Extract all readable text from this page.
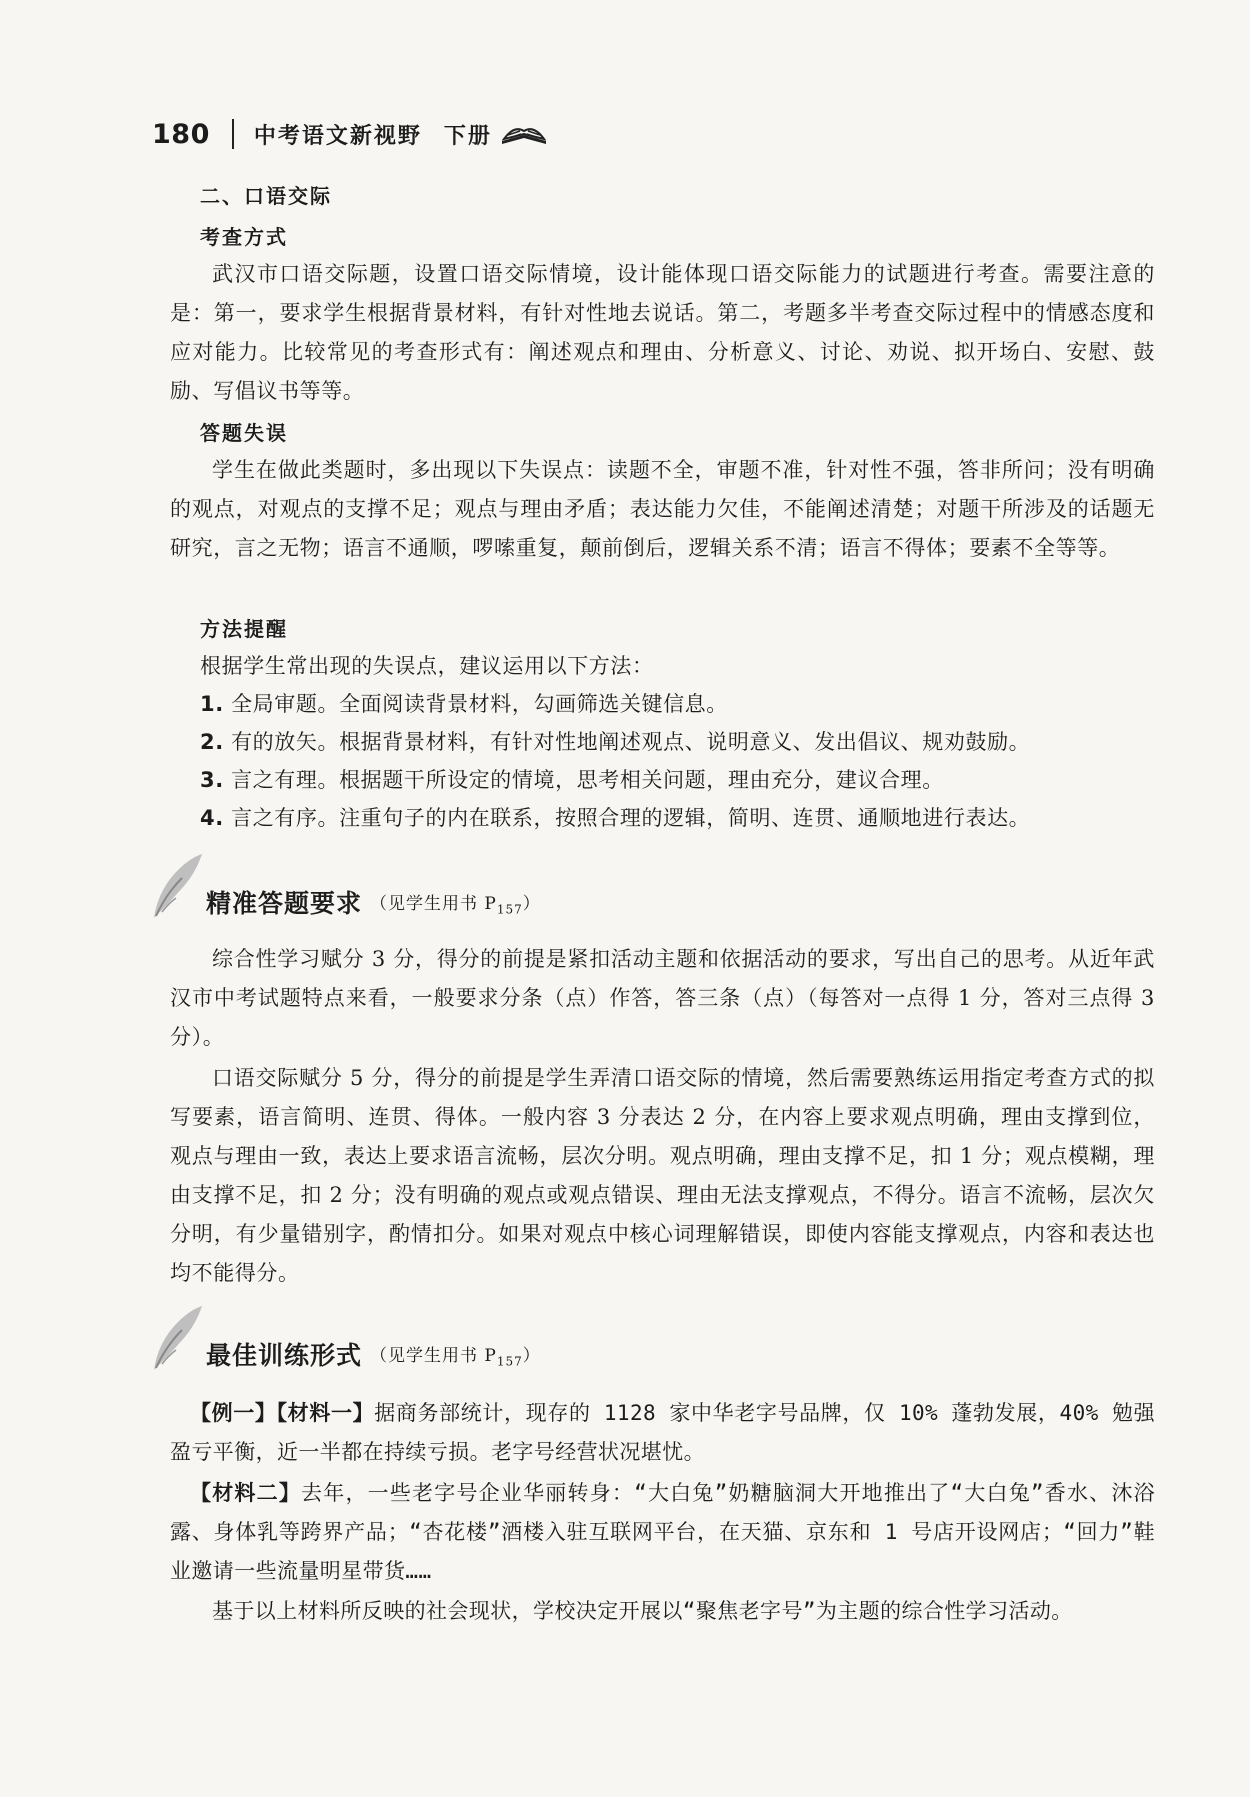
180 中考语文新视野 下册
二、口语交际
考查方式

武汉市口语交际题，设置口语交际情境，设计能体现口语交际能力的试题进行考查。需要注意的是：第一，要求学生根据背景材料，有针对性地去说话。第二，考题多半考查交际过程中的情感态度和应对能力。比较常见的考查形式有：阐述观点和理由、分析意义、讨论、劝说、拟开场白、安慰、鼓励、写倡议书等等。

答题失误

学生在做此类题时，多出现以下失误点：读题不全，审题不准，针对性不强，答非所问；没有明确的观点，对观点的支撑不足；观点与理由矛盾；表达能力欠佳，不能阐述清楚；对题干所涉及的话题无研究，言之无物；语言不通顺，啰嗦重复，颠前倒后，逻辑关系不清；语言不得体；要素不全等等。

方法提醒

根据学生常出现的失误点，建议运用以下方法：

1. 全局审题。全面阅读背景材料，勾画筛选关键信息。

2. 有的放矢。根据背景材料，有针对性地阐述观点、说明意义、发出倡议、规劝鼓励。

3. 言之有理。根据题干所设定的情境，思考相关问题，理由充分，建议合理。

4. 言之有序。注重句子的内在联系，按照合理的逻辑，简明、连贯、通顺地进行表达。

精准答题要求 （见学生用书 $P_{157}$）

综合性学习赋分 3 分，得分的前提是紧扣活动主题和依据活动的要求，写出自己的思考。从近年武汉市中考试题特点来看，一般要求分条（点）作答，答三条（点）（每答对一点得 1 分，答对三点得 3 分）。

口语交际赋分 5 分，得分的前提是学生弄清口语交际的情境，然后需要熟练运用指定考查方式的拟写要素，语言简明、连贯、得体。一般内容 3 分表达 2 分，在内容上要求观点明确，理由支撑到位，观点与理由一致，表达上要求语言流畅，层次分明。观点明确，理由支撑不足，扣 1 分；观点模糊，理由支撑不足，扣 2 分；没有明确的观点或观点错误、理由无法支撑观点，不得分。语言不流畅，层次欠分明，有少量错别字，酌情扣分。如果对观点中核心词理解错误，即使内容能支撑观点，内容和表达也均不能得分。

最佳训练形式 （见学生用书 $P_{157}$）

【例一】【材料一】据商务部统计，现存的 1128 家中华老字号品牌，仅 10% 蓬勃发展，40% 勉强盈亏平衡，近一半都在持续亏损。老字号经营状况堪忧。

【材料二】去年，一些老字号企业华丽转身：“大白兔”奶糖脑洞大开地推出了“大白兔”香水、沐浴露、身体乳等跨界产品；“杏花楼”酒楼入驻互联网平台，在天猫、京东和 1 号店开设网店；“回力”鞋业邀请一些流量明星带货……

基于以上材料所反映的社会现状，学校决定开展以“聚焦老字号”为主题的综合性学习活动。
